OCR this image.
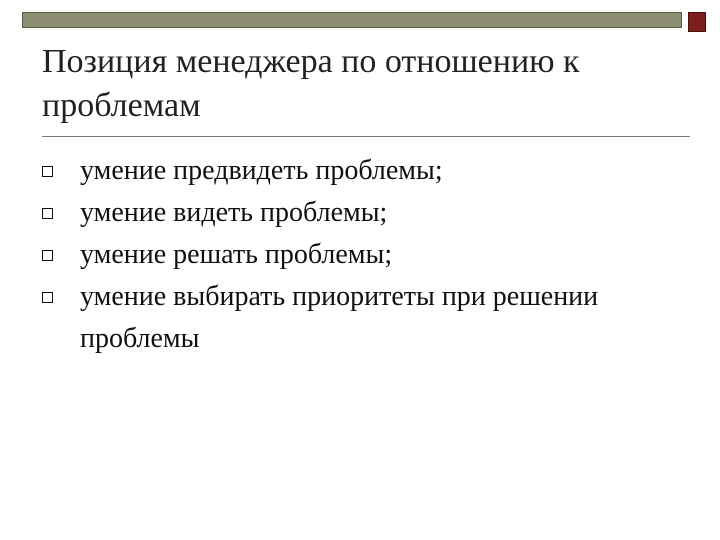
Позиция менеджера по отношению к проблемам
умение предвидеть проблемы;
умение видеть проблемы;
умение решать проблемы;
умение выбирать приоритеты при решении проблемы
